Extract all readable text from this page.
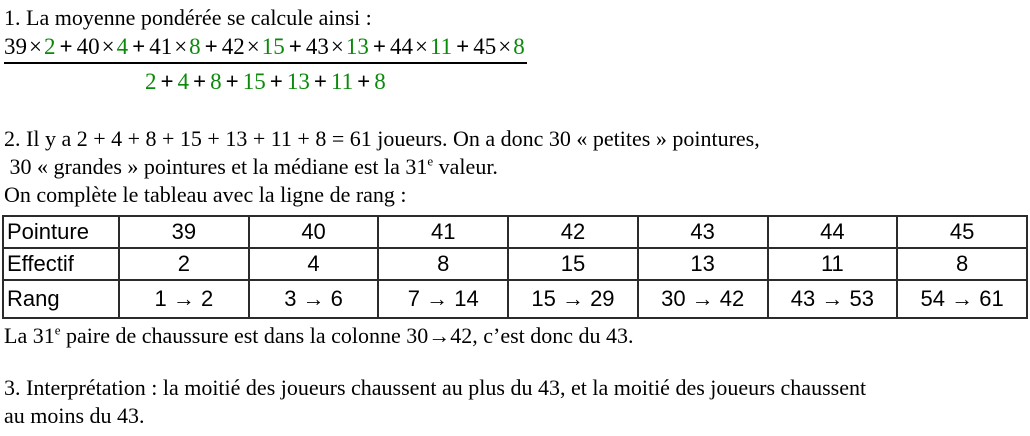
1. La moyenne pondérée se calcule ainsi :
$\frac{39\times 2 + 40\times 4 + 41\times 8 + 42\times 15 + 43\times 13 + 44\times 11 + 45\times 8}{2 + 4 + 8 + 15 + 13 + 11 + 8}$
2. Il y a 2 + 4 + 8 + 15 + 13 + 11 + 8 = 61 joueurs. On a donc 30 « petites » pointures,
30 « grandes » pointures et la médiane est la 31e valeur.
On complète le tableau avec la ligne de rang :
Pointure	39	40	41	42	43	44	45
Effectif	2	4	8	15	13	11	8
Rang	1 → 2	3 → 6	7 → 14	15 → 29	30 → 42	43 → 53	54 → 61
La 31e paire de chaussure est dans la colonne 30→42, c’est donc du 43.
3. Interprétation : la moitié des joueurs chaussent au plus du 43, et la moitié des joueurs chaussent
au moins du 43.
